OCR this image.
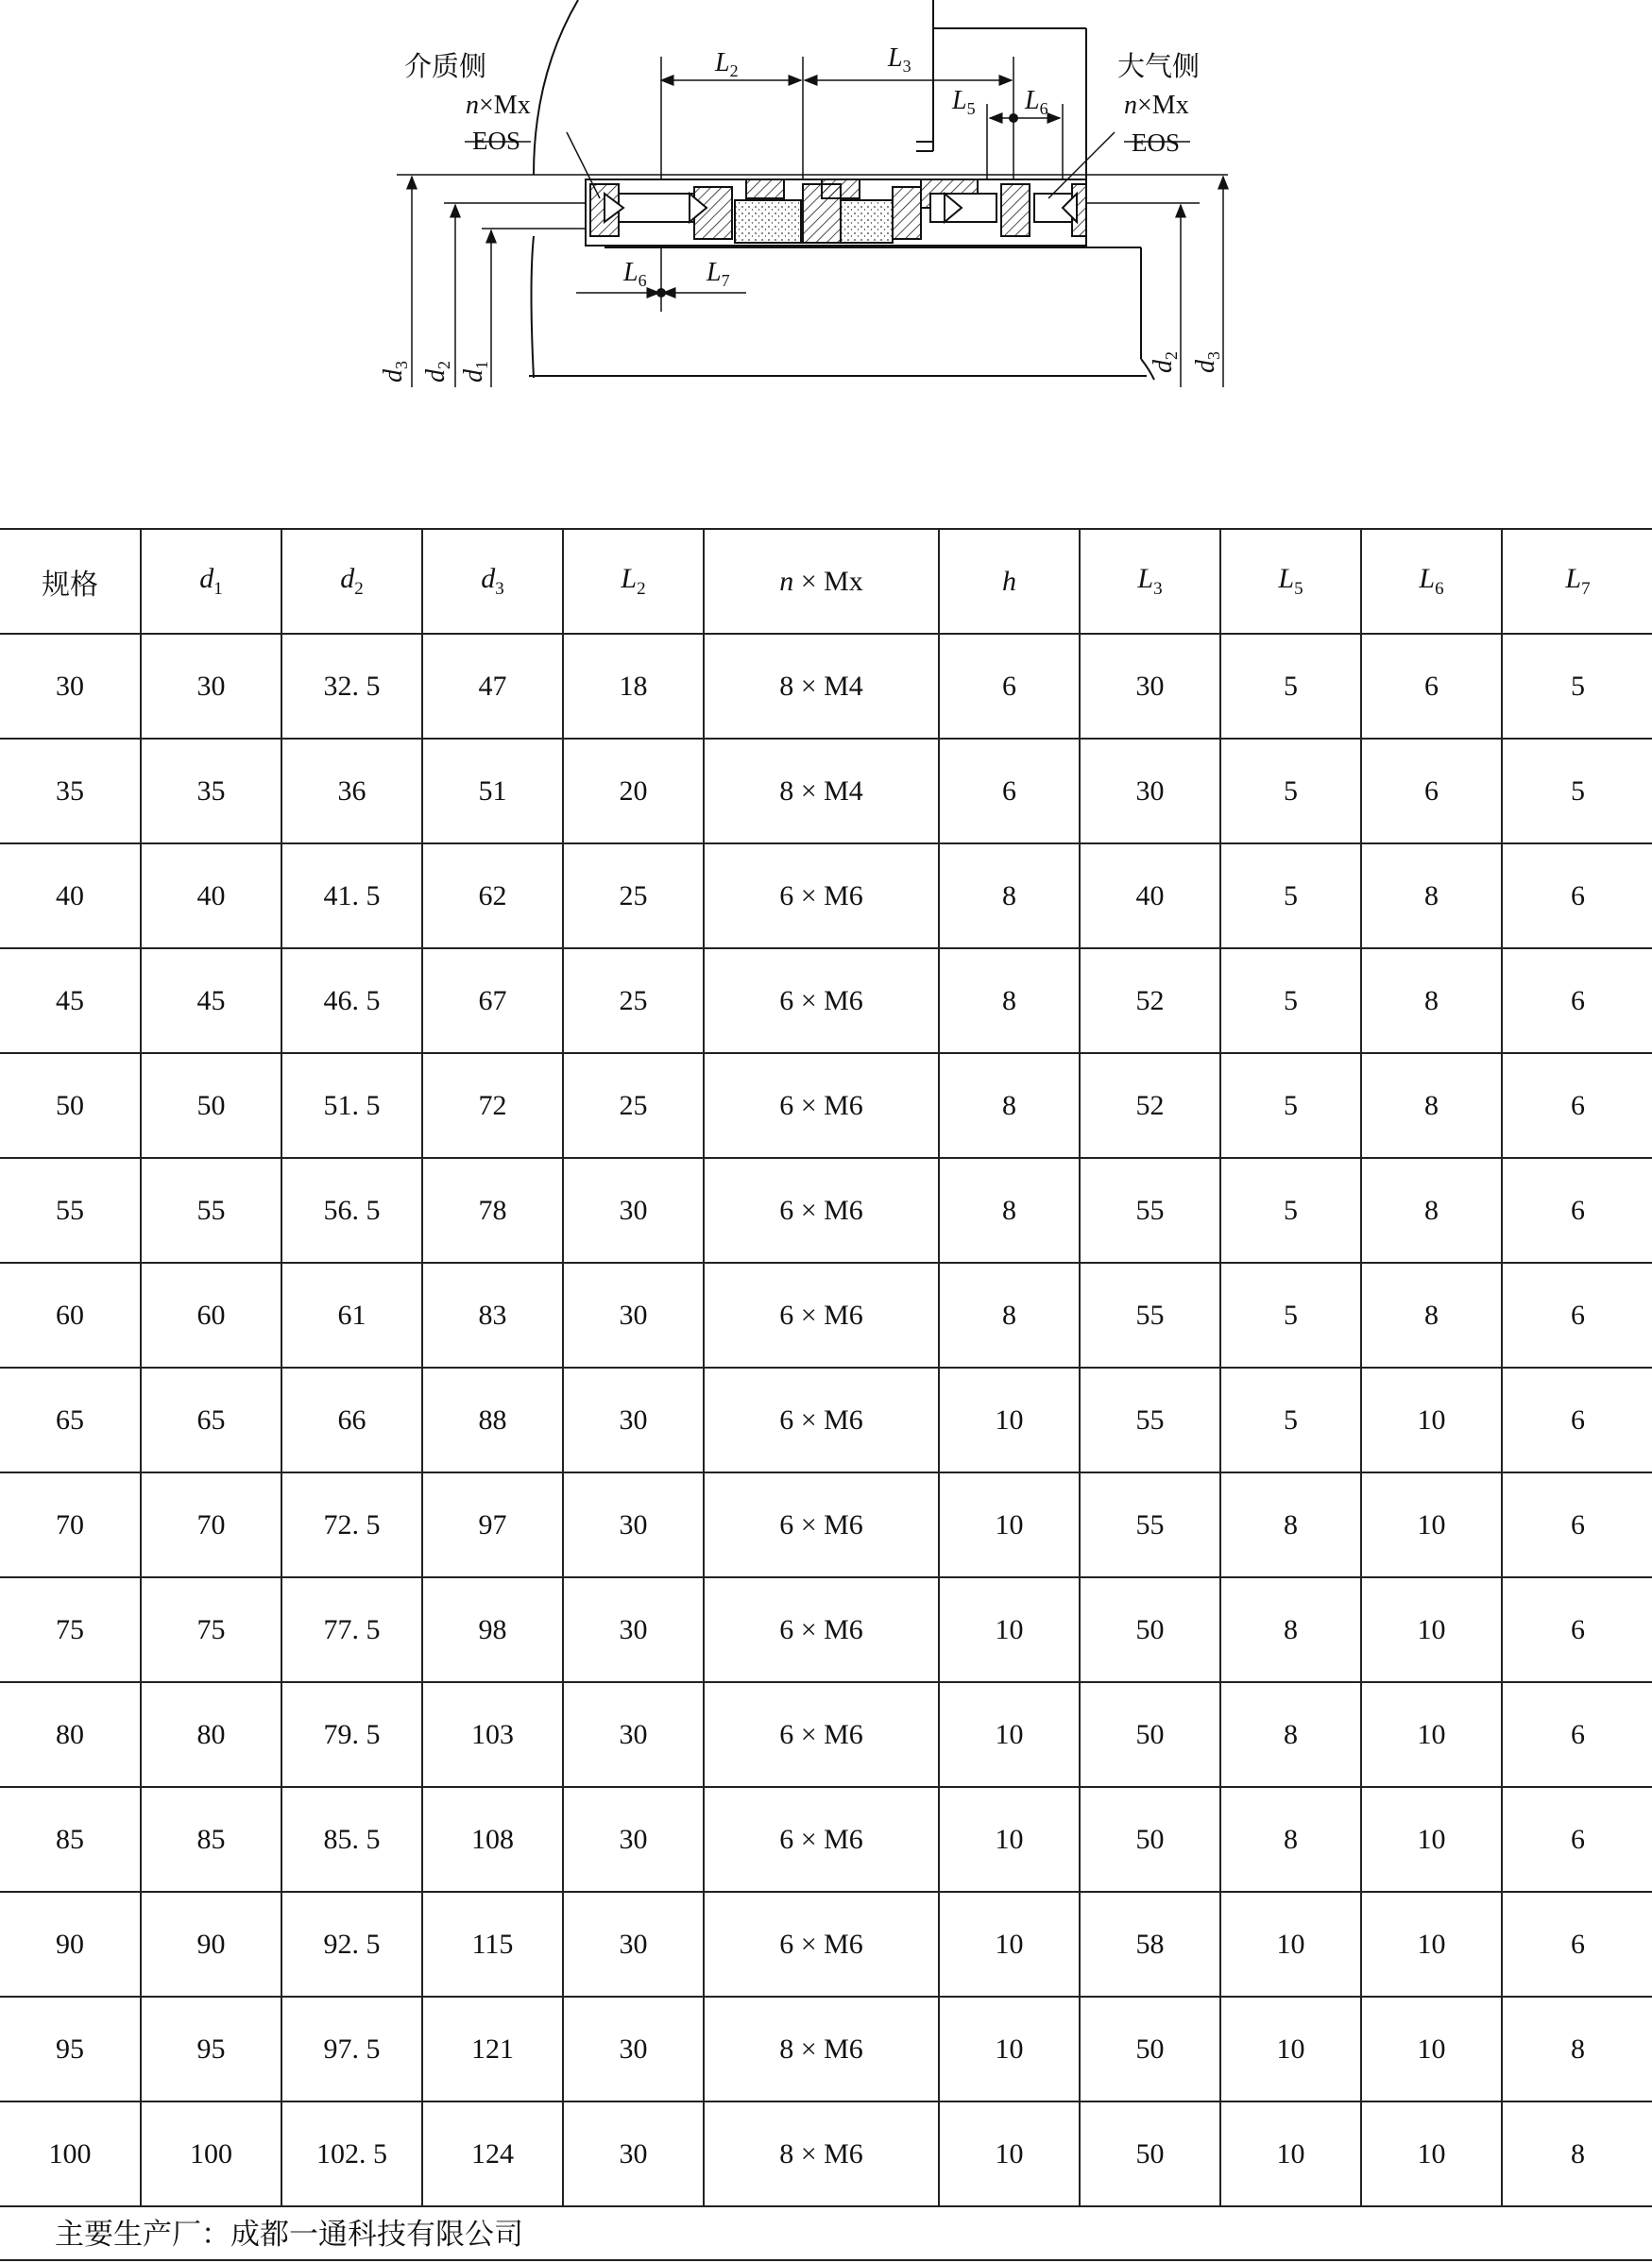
介质侧	大气侧
n×Mx
EOS
n×Mx
EOS
$L_2$	$L_3$
$L_5$ $L_6$
$L_6$ $L_7$
$d_3$
$d_2$
$d_1$	$d_2$
$d_3$
规格	$d_1$	$d_2$	$d_3$	$L_2$	n × Mx	h	$L_3$	$L_5$	$L_6$	$L_7$
30	30	32. 5	47	18	8 × M4	6	30	5	6	5
35	35	36	51	20	8 × M4	6	30	5	6	5
40	40	41. 5	62	25	6 × M6	8	40	5	8	6
45	45	46. 5	67	25	6 × M6	8	52	5	8	6
50	50	51. 5	72	25	6 × M6	8	52	5	8	6
55	55	56. 5	78	30	6 × M6	8	55	5	8	6
60	60	61	83	30	6 × M6	8	55	5	8	6
65	65	66	88	30	6 × M6	10	55	5	10	6
70	70	72. 5	97	30	6 × M6	10	55	8	10	6
75	75	77. 5	98	30	6 × M6	10	50	8	10	6
80	80	79. 5	103	30	6 × M6	10	50	8	10	6
85	85	85. 5	108	30	6 × M6	10	50	8	10	6
90	90	92. 5	115	30	6 × M6	10	58	10	10	6
95	95	97. 5	121	30	8 × M6	10	50	10	10	8
100	100	102. 5	124	30	8 × M6	10	50	10	10	8
主要生产厂：成都一通科技有限公司
